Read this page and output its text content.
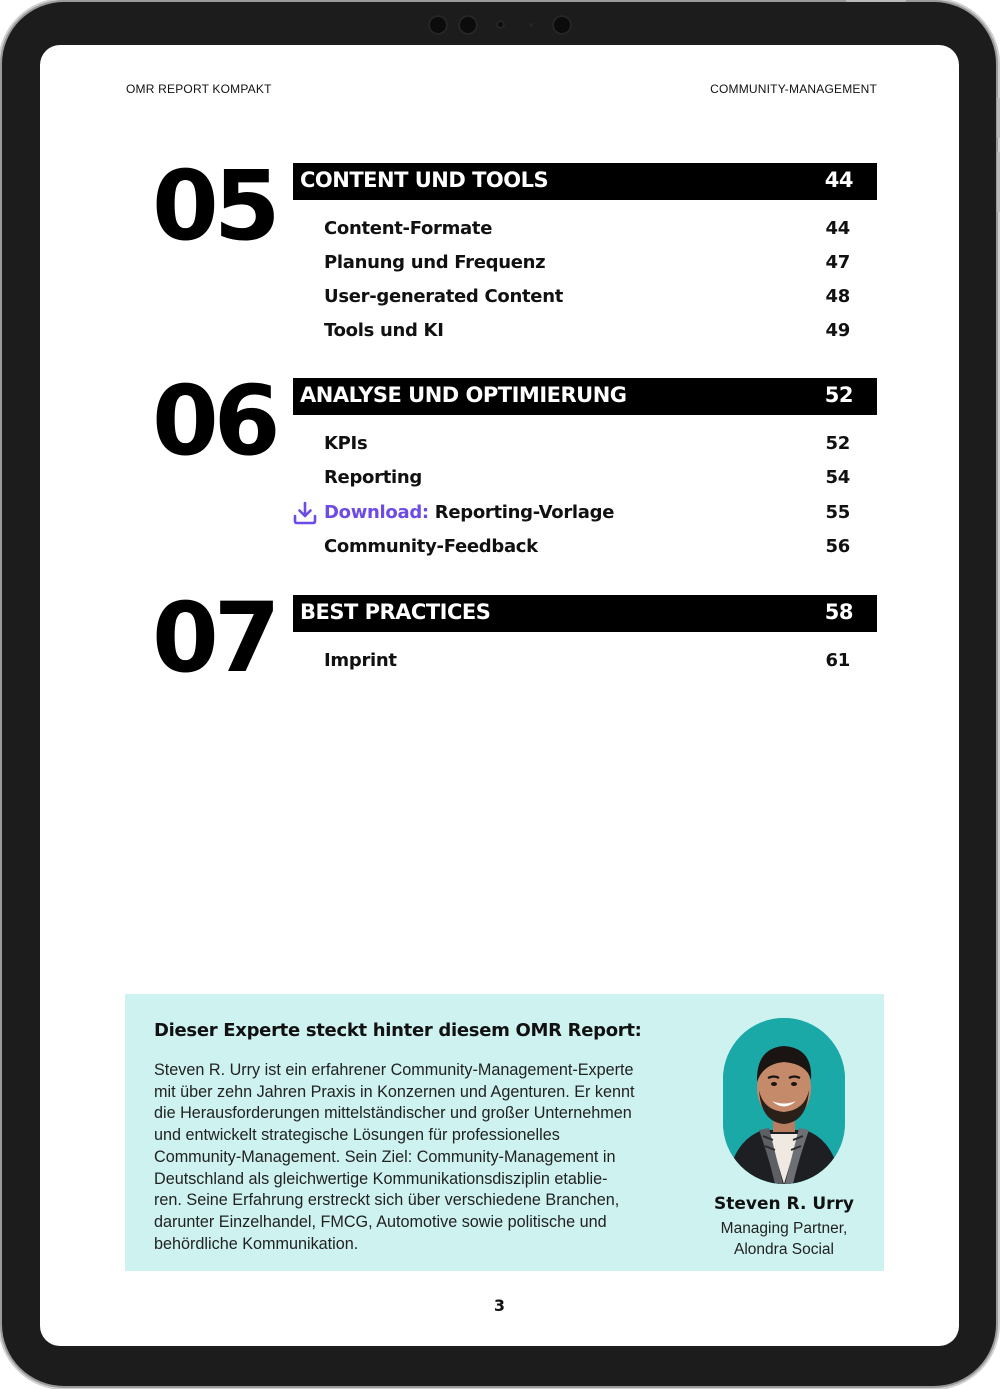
OMR REPORT KOMPAKT	COMMUNITY-MANAGEMENT
05 CONTENT UND TOOLS	44
Content-Formate	44
Planung und Frequenz	47
User-generated Content	48
Tools und KI	49
06 ANALYSE UND OPTIMIERUNG	52
KPIs	52
Reporting	54
Download: Reporting-Vorlage	55
Community-Feedback	56
07 BEST PRACTICES	58
Imprint	61
Dieser Experte steckt hinter diesem OMR Report:
Steven R. Urry ist ein erfahrener Community-Management-Experte
mit über zehn Jahren Praxis in Konzernen und Agenturen. Er kennt
die Herausforderungen mittelständischer und großer Unternehmen
und entwickelt strategische Lösungen für professionelles
Community-Management. Sein Ziel: Community-Management in
Deutschland als gleichwertige Kommunikationsdisziplin etablie-
ren. Seine Erfahrung erstreckt sich über verschiedene Branchen,
darunter Einzelhandel, FMCG, Automotive sowie politische und
behördliche Kommunikation.
Steven R. Urry
Managing Partner,
Alondra Social
3
